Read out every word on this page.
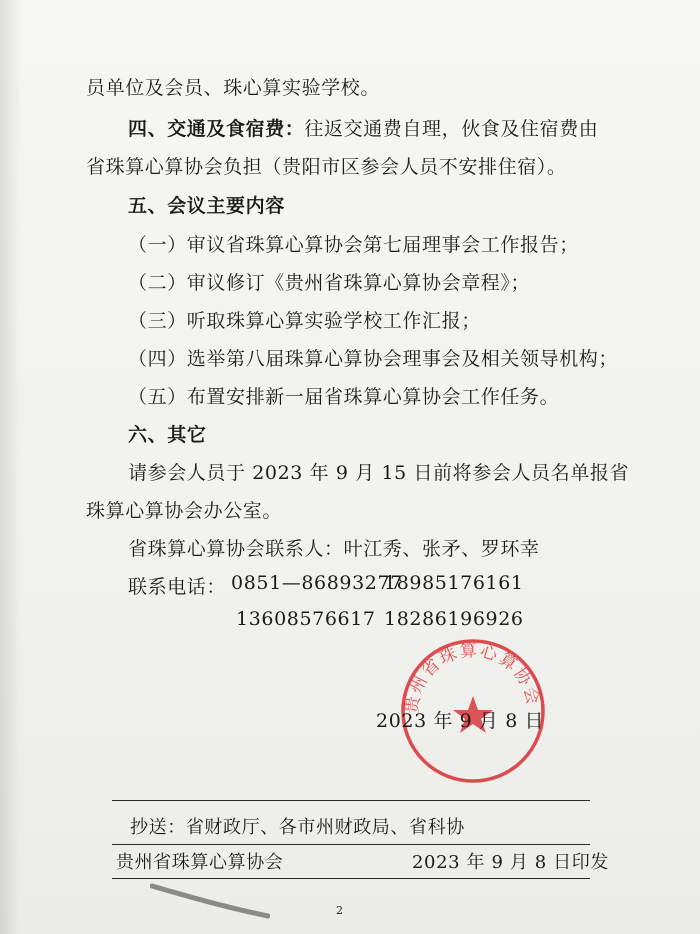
员单位及会员、珠心算实验学校。
四、交通及食宿费：往返交通费自理，伙食及住宿费由
省珠算心算协会负担（贵阳市区参会人员不安排住宿）。
五、会议主要内容
（一）审议省珠算心算协会第七届理事会工作报告；
（二）审议修订《贵州省珠算心算协会章程》；
（三）听取珠算心算实验学校工作汇报；
（四）选举第八届珠算心算协会理事会及相关领导机构；
（五）布置安排新一届省珠算心算协会工作任务。
六、其它
请参会人员于 2023 年 9 月 15 日前将参会人员名单报省
珠算心算协会办公室。
省珠算心算协会联系人：叶江秀、张矛、罗环幸
联系电话： 0851—86893277
18985176161
13608576617 18286196926
贵州省珠算心算协会
2023 年 9 月 8 日
抄送：省财政厅、各市州财政局、省科协
贵州省珠算心算协会	2023 年 9 月 8 日印发
2
